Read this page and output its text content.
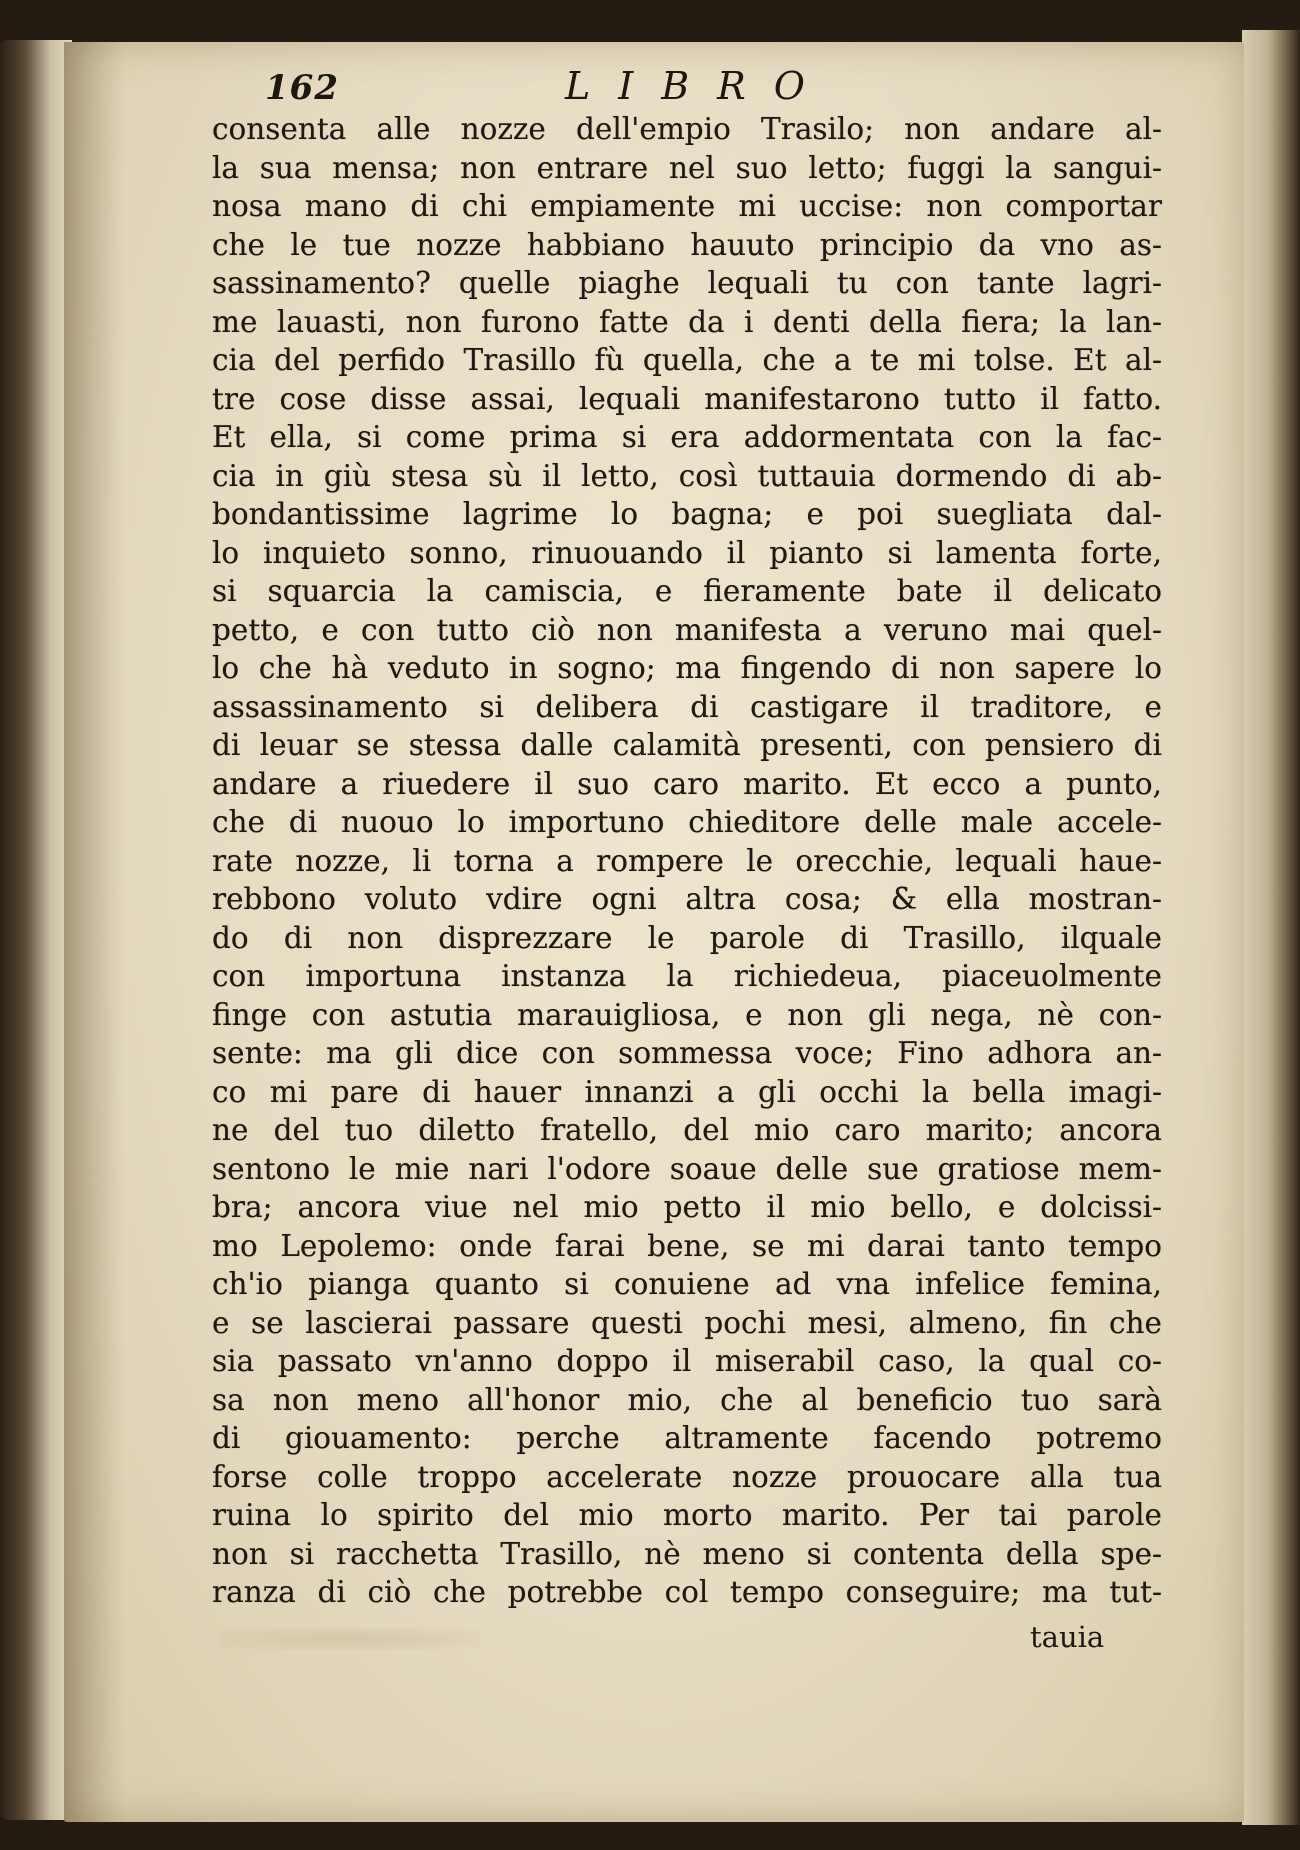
162	LIBRO
consenta alle nozze dell'empio Trasilo; non andare al-
la sua mensa; non entrare nel suo letto; fuggi la sangui-
nosa mano di chi empiamente mi uccise: non comportar
che le tue nozze habbiano hauuto principio da vno as-
sassinamento? quelle piaghe lequali tu con tante lagri-
me lauasti, non furono fatte da i denti della fiera; la lan-
cia del perfido Trasillo fù quella, che a te mi tolse. Et al-
tre cose disse assai, lequali manifestarono tutto il fatto.
Et ella, si come prima si era addormentata con la fac-
cia in giù stesa sù il letto, così tuttauia dormendo di ab-
bondantissime lagrime lo bagna; e poi suegliata dal-
lo inquieto sonno, rinuouando il pianto si lamenta forte,
si squarcia la camiscia, e fieramente bate il delicato
petto, e con tutto ciò non manifesta a veruno mai quel-
lo che hà veduto in sogno; ma fingendo di non sapere lo
assassinamento si delibera di castigare il traditore, e
di leuar se stessa dalle calamità presenti, con pensiero di
andare a riuedere il suo caro marito. Et ecco a punto,
che di nuouo lo importuno chieditore delle male accele-
rate nozze, li torna a rompere le orecchie, lequali haue-
rebbono voluto vdire ogni altra cosa; & ella mostran-
do di non disprezzare le parole di Trasillo, ilquale
con importuna instanza la richiedeua, piaceuolmente
finge con astutia marauigliosa, e non gli nega, nè con-
sente: ma gli dice con sommessa voce; Fino adhora an-
co mi pare di hauer innanzi a gli occhi la bella imagi-
ne del tuo diletto fratello, del mio caro marito; ancora
sentono le mie nari l'odore soaue delle sue gratiose mem-
bra; ancora viue nel mio petto il mio bello, e dolcissi-
mo Lepolemo: onde farai bene, se mi darai tanto tempo
ch'io pianga quanto si conuiene ad vna infelice femina,
e se lascierai passare questi pochi mesi, almeno, fin che
sia passato vn'anno doppo il miserabil caso, la qual co-
sa non meno all'honor mio, che al beneficio tuo sarà
di giouamento: perche altramente facendo potremo
forse colle troppo accelerate nozze prouocare alla tua
ruina lo spirito del mio morto marito. Per tai parole
non si racchetta Trasillo, nè meno si contenta della spe-
ranza di ciò che potrebbe col tempo conseguire; ma tut-
tauia
